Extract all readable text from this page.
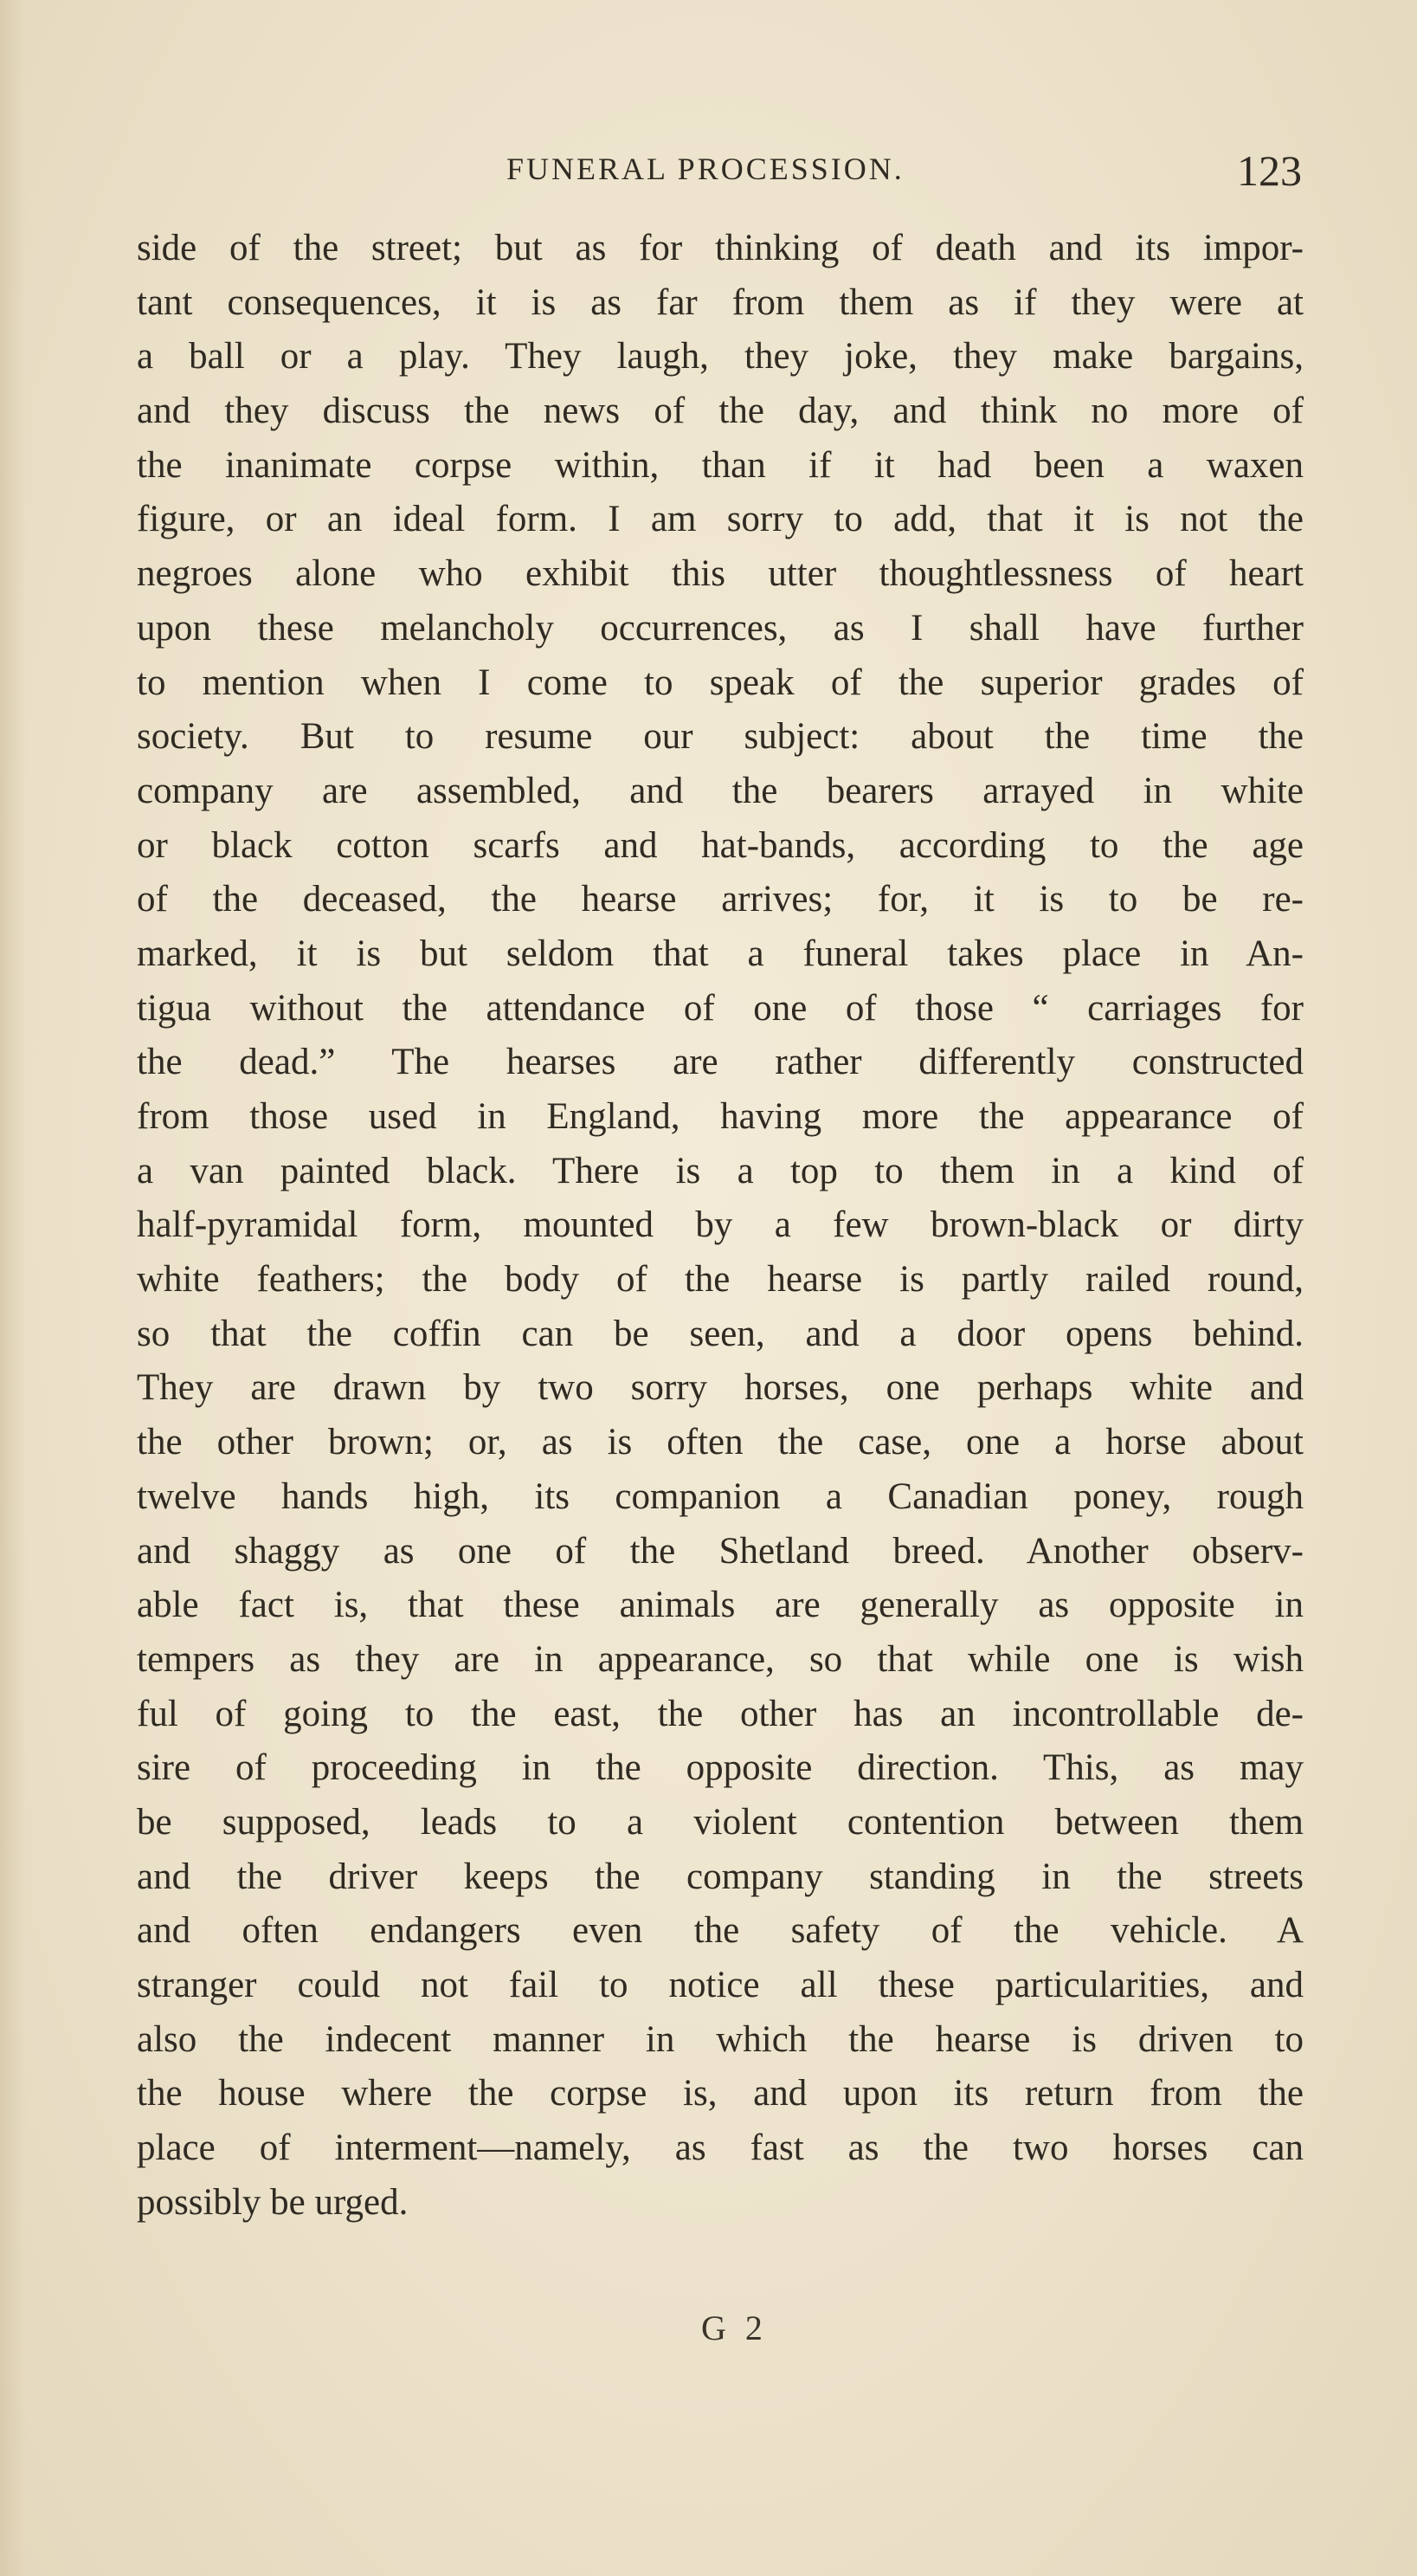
FUNERAL PROCESSION.	123
side of the street; but as for thinking of death and its impor-
tant consequences, it is as far from them as if they were at
a ball or a play. They laugh, they joke, they make bargains,
and they discuss the news of the day, and think no more of
the inanimate corpse within, than if it had been a waxen
figure, or an ideal form. I am sorry to add, that it is not the
negroes alone who exhibit this utter thoughtlessness of heart
upon these melancholy occurrences, as I shall have further
to mention when I come to speak of the superior grades of
society. But to resume our subject: about the time the
company are assembled, and the bearers arrayed in white
or black cotton scarfs and hat-bands, according to the age
of the deceased, the hearse arrives; for, it is to be re-
marked, it is but seldom that a funeral takes place in An-
tigua without the attendance of one of those “ carriages for
the dead.” The hearses are rather differently constructed
from those used in England, having more the appearance of
a van painted black. There is a top to them in a kind of
half-pyramidal form, mounted by a few brown-black or dirty
white feathers; the body of the hearse is partly railed round,
so that the coffin can be seen, and a door opens behind.
They are drawn by two sorry horses, one perhaps white and
the other brown; or, as is often the case, one a horse about
twelve hands high, its companion a Canadian poney, rough
and shaggy as one of the Shetland breed. Another observ-
able fact is, that these animals are generally as opposite in
tempers as they are in appearance, so that while one is wish
ful of going to the east, the other has an incontrollable de-
sire of proceeding in the opposite direction. This, as may
be supposed, leads to a violent contention between them
and the driver keeps the company standing in the streets
and often endangers even the safety of the vehicle. A
stranger could not fail to notice all these particularities, and
also the indecent manner in which the hearse is driven to
the house where the corpse is, and upon its return from the
place of interment—namely, as fast as the two horses can
possibly be urged.
G 2
